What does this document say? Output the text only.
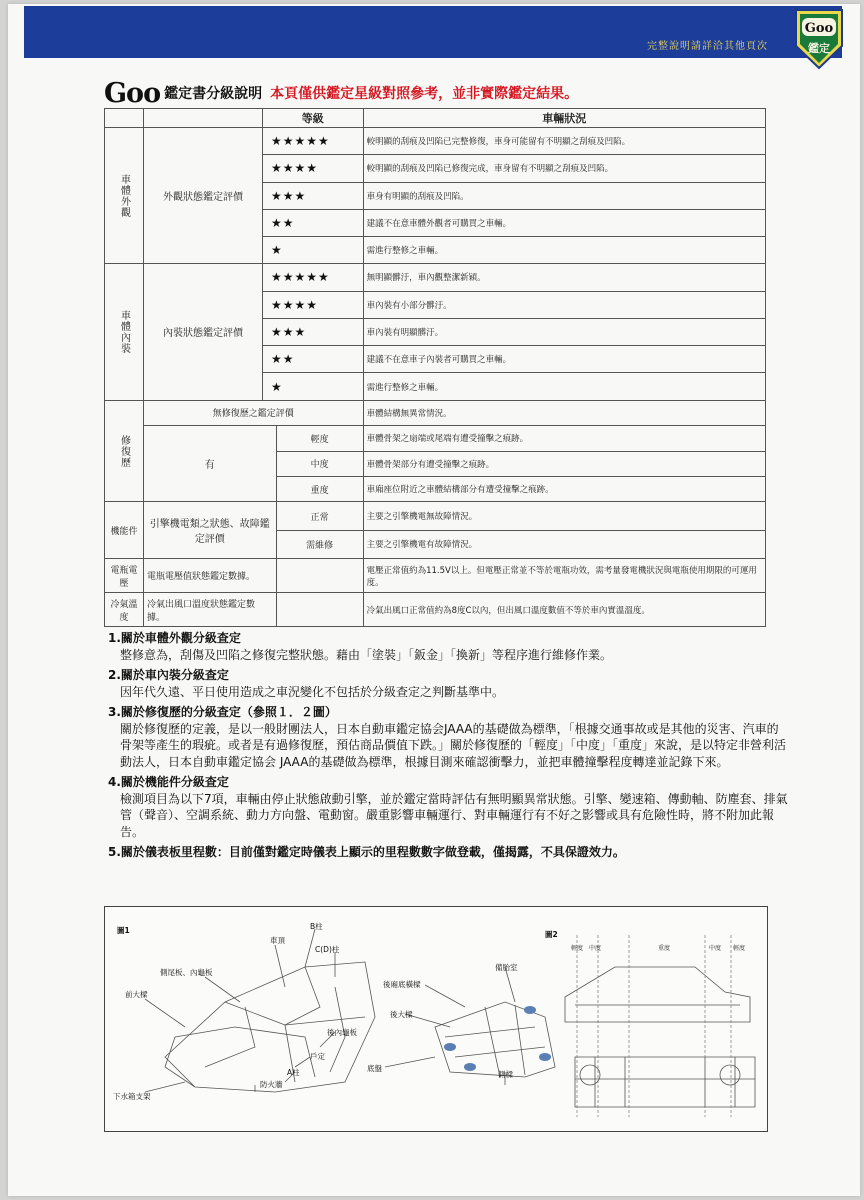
完整說明請詳洽其他頁次
Goo
鑑定
Goo 鑑定書分級說明 本頁僅供鑑定星級對照參考，並非實際鑑定結果。
		等級		車輛狀況

車體外觀	外觀狀態鑑定評價	★★★★★		較明顯的刮痕及凹陷已完整修復，車身可能留有不明顯之刮痕及凹陷。
		★★★★		較明顯的刮痕及凹陷已修復完成，車身留有不明顯之刮痕及凹陷。
		★★★		車身有明顯的刮痕及凹陷。
		★★		建議不在意車體外觀者可購買之車輛。
		★		需進行整修之車輛。

車體內裝	內裝狀態鑑定評價	★★★★★		無明顯髒汙，車內觀整潔新穎。
		★★★★		車內裝有小部分髒汙。
		★★★		車內裝有明顯髒汙。
		★★		建議不在意車子內裝者可購買之車輛。
		★		需進行整修之車輛。

修復歷	無修復歷之鑑定評價			車體結構無異常情況。
	有		輕度	車體骨架之扇端或尾端有遭受撞擊之痕跡。
			中度	車體骨架部分有遭受撞擊之痕跡。
			重度	車廂座位附近之車體結構部分有遭受撞擊之痕跡。
機能件	引擎機電類之狀態、故障鑑定評價		正常	主要之引擎機電無故障情況。
			需維修	主要之引擎機電有故障情況。
電瓶電壓	電瓶電壓值狀態鑑定數據。			電壓正常值約為11.5V以上。但電壓正常並不等於電瓶功效，需考量發電機狀況與電瓶使用期限的可運用度。
冷氣溫度	冷氣出風口溫度狀態鑑定數據。			冷氣出風口正常值約為8度C以內，但出風口溫度數值不等於車內實溫溫度。
1.關於車體外觀分級查定
整修意為，刮傷及凹陷之修復完整狀態。藉由「塗裝」「鈑金」「換新」等程序進行維修作業。
2.關於車內裝分級查定
因年代久遠、平日使用造成之車況變化不包括於分級查定之判斷基準中。
3.關於修復歷的分級查定（參照１．２圖）
關於修復歷的定義，是以一般財團法人，日本自動車鑑定協会JAAA的基礎做為標準，「根據交通事故或是其他的災害、汽車的骨架等產生的瑕疵。或者是有過修復歷，預估商品價值下跌。」關於修復歷的「輕度」「中度」「重度」來說，是以特定非營利活動法人，日本自動車鑑定協会 JAAA的基礎做為標準，根據目測來確認衝擊力，並把車體撞擊程度轉達並記錄下來。
4.關於機能件分級查定
檢測項目為以下7項，車輛由停止狀態啟動引擎，並於鑑定當時評估有無明顯異常狀態。引擎、變速箱、傳動軸、防塵套、排氣管（聲音）、空調系統、動力方向盤、電動窗。嚴重影響車輛運行、對車輛運行有不好之影響或具有危險性時，將不附加此報告。
5.關於儀表板里程數：目前僅對鑑定時儀表上顯示的里程數數字做登載，僅揭露，不具保證效力。
圖1	圖2
B柱
車頂
C(D)柱
側尾板、內龜板
前大樑
後內龜板
戶定
A柱
防火牆
下水箱支架
後廂底橫樑
備胎室
後大樑
底盤
側樑
輕度 中度	重度	中度 輕度
